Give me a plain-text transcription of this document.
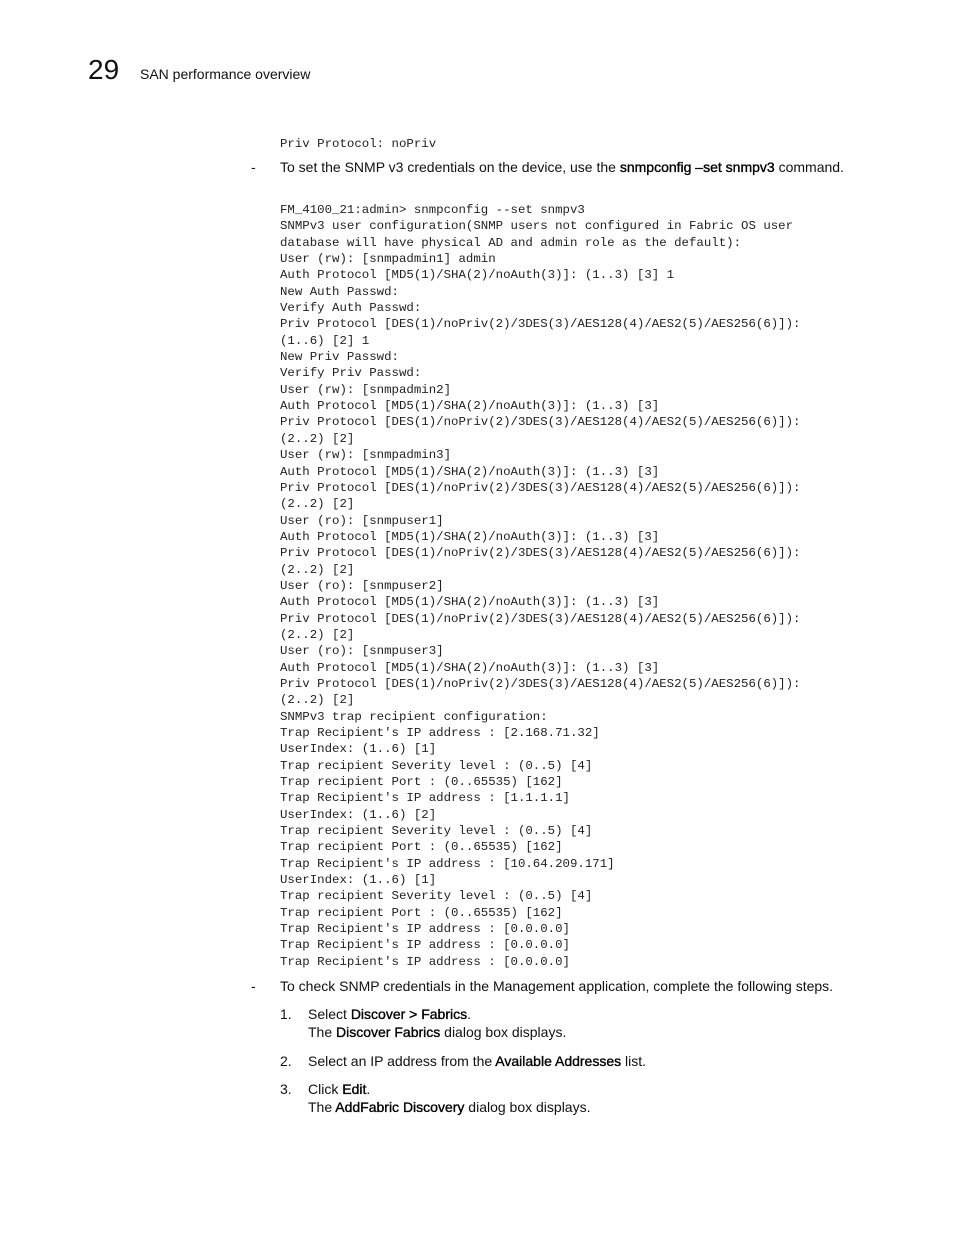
29 SAN performance overview
Priv Protocol: noPriv
- To set the SNMP v3 credentials on the device, use the snmpconfig –set snmpv3 command.
FM_4100_21:admin> snmpconfig --set snmpv3
SNMPv3 user configuration(SNMP users not configured in Fabric OS user
database will have physical AD and admin role as the default):
User (rw): [snmpadmin1] admin
Auth Protocol [MD5(1)/SHA(2)/noAuth(3)]: (1..3) [3] 1
New Auth Passwd:
Verify Auth Passwd:
Priv Protocol [DES(1)/noPriv(2)/3DES(3)/AES128(4)/AES2(5)/AES256(6)]):
(1..6) [2] 1
New Priv Passwd:
Verify Priv Passwd:
User (rw): [snmpadmin2]
Auth Protocol [MD5(1)/SHA(2)/noAuth(3)]: (1..3) [3]
Priv Protocol [DES(1)/noPriv(2)/3DES(3)/AES128(4)/AES2(5)/AES256(6)]):
(2..2) [2]
User (rw): [snmpadmin3]
Auth Protocol [MD5(1)/SHA(2)/noAuth(3)]: (1..3) [3]
Priv Protocol [DES(1)/noPriv(2)/3DES(3)/AES128(4)/AES2(5)/AES256(6)]):
(2..2) [2]
User (ro): [snmpuser1]
Auth Protocol [MD5(1)/SHA(2)/noAuth(3)]: (1..3) [3]
Priv Protocol [DES(1)/noPriv(2)/3DES(3)/AES128(4)/AES2(5)/AES256(6)]):
(2..2) [2]
User (ro): [snmpuser2]
Auth Protocol [MD5(1)/SHA(2)/noAuth(3)]: (1..3) [3]
Priv Protocol [DES(1)/noPriv(2)/3DES(3)/AES128(4)/AES2(5)/AES256(6)]):
(2..2) [2]
User (ro): [snmpuser3]
Auth Protocol [MD5(1)/SHA(2)/noAuth(3)]: (1..3) [3]
Priv Protocol [DES(1)/noPriv(2)/3DES(3)/AES128(4)/AES2(5)/AES256(6)]):
(2..2) [2]
SNMPv3 trap recipient configuration:
Trap Recipient's IP address : [2.168.71.32]
UserIndex: (1..6) [1]
Trap recipient Severity level : (0..5) [4]
Trap recipient Port : (0..65535) [162]
Trap Recipient's IP address : [1.1.1.1]
UserIndex: (1..6) [2]
Trap recipient Severity level : (0..5) [4]
Trap recipient Port : (0..65535) [162]
Trap Recipient's IP address : [10.64.209.171]
UserIndex: (1..6) [1]
Trap recipient Severity level : (0..5) [4]
Trap recipient Port : (0..65535) [162]
Trap Recipient's IP address : [0.0.0.0]
Trap Recipient's IP address : [0.0.0.0]
Trap Recipient's IP address : [0.0.0.0]
- To check SNMP credentials in the Management application, complete the following steps.
1. Select Discover > Fabrics.
The Discover Fabrics dialog box displays.
2. Select an IP address from the Available Addresses list.
3. Click Edit.
The AddFabric Discovery dialog box displays.
